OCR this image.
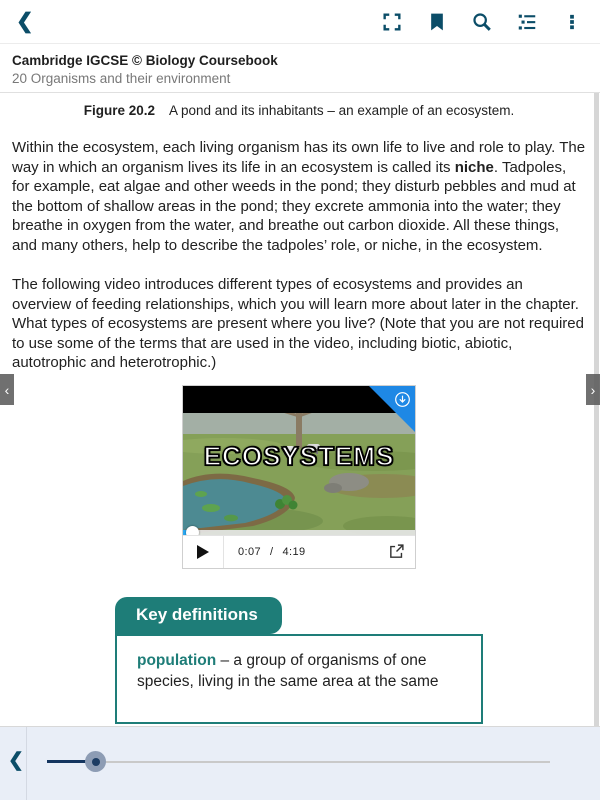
❮
Cambridge IGCSE © Biology Coursebook
20 Organisms and their environment
Figure 20.2 A pond and its inhabitants – an example of an ecosystem.
Within the ecosystem, each living organism has its own life to live and role to play. The way in which an organism lives its life in an ecosystem is called its niche. Tadpoles, for example, eat algae and other weeds in the pond; they disturb pebbles and mud at the bottom of shallow areas in the pond; they excrete ammonia into the water; they breathe in oxygen from the water, and breathe out carbon dioxide. All these things, and many others, help to describe the tadpoles’ role, or niche, in the ecosystem.
The following video introduces different types of ecosystems and provides an overview of feeding relationships, which you will learn more about later in the chapter. What types of ecosystems are present where you live? (Note that you are not required to use some of the terms that are used in the video, including biotic, abiotic, autotrophic and heterotrophic.)
ECOSYSTEMS
0:07 / 4:19
Key definitions
population – a group of organisms of one species, living in the same area at the same
‹	›
❮
